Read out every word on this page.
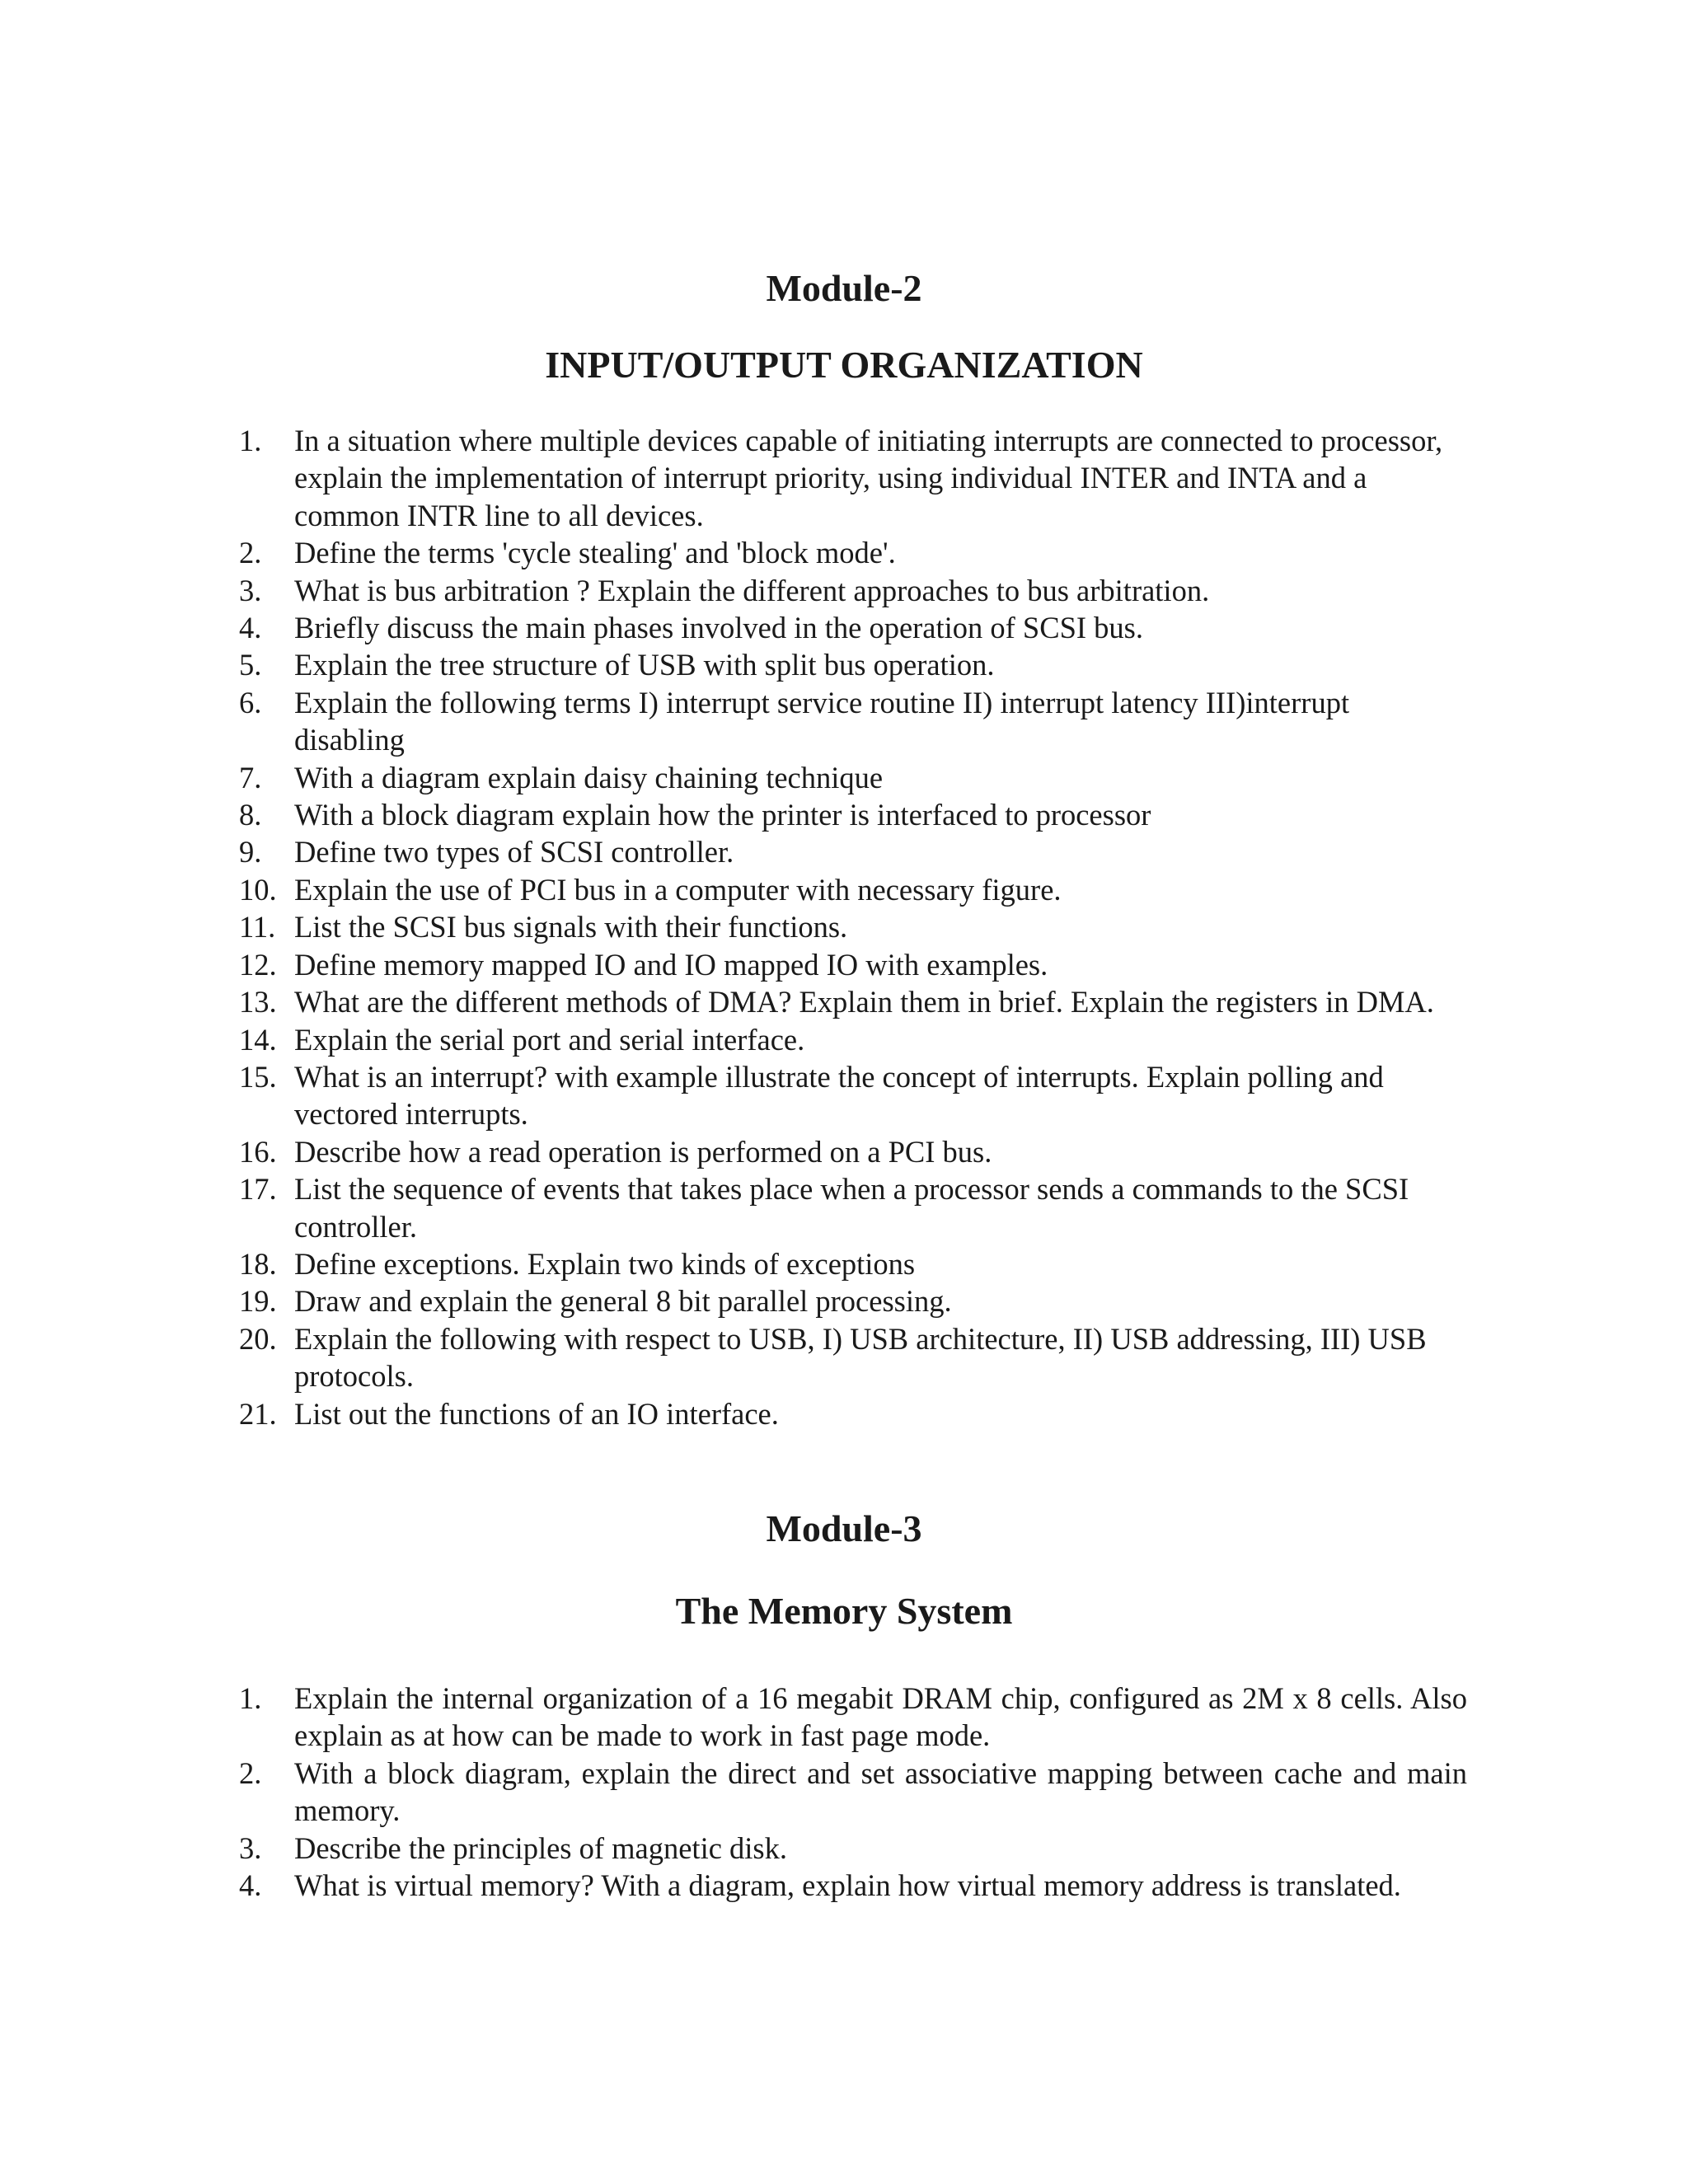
Module-2
INPUT/OUTPUT ORGANIZATION
1.	In a situation where multiple devices capable of initiating interrupts are connected to processor, explain the implementation of interrupt priority, using individual INTER and INTA and a common INTR line to all devices.
2.	Define the terms 'cycle stealing' and 'block mode'.
3.	What is bus arbitration ? Explain the different approaches to bus arbitration.
4.	Briefly discuss the main phases involved in the operation of SCSI bus.
5.	Explain the tree structure of USB with split bus operation.
6.	Explain the following terms I) interrupt service routine II) interrupt latency III)interrupt disabling
7.	With a diagram explain daisy chaining technique
8.	With a block diagram explain how the printer is interfaced to processor
9.	Define two types of SCSI controller.
10. Explain the use of PCI bus in a computer with necessary figure.
11. List the SCSI bus signals with their functions.
12. Define memory mapped IO and IO mapped IO with examples.
13. What are the different methods of DMA? Explain them in brief. Explain the registers in DMA.
14. Explain the serial port and serial interface.
15. What is an interrupt? with example illustrate the concept of interrupts. Explain polling and vectored interrupts.
16. Describe how a read operation is performed on a PCI bus.
17. List the sequence of events that takes place when a processor sends a commands to the SCSI controller.
18. Define exceptions. Explain two kinds of exceptions
19. Draw and explain the general 8 bit parallel processing.
20. Explain the following with respect to USB, I) USB architecture, II) USB addressing, III) USB protocols.
21. List out the functions of an IO interface.
Module-3
The Memory System
1.	Explain the internal organization of a 16 megabit DRAM chip, configured as 2M x 8 cells. Also explain as at how can be made to work in fast page mode.
2.	With a block diagram, explain the direct and set associative mapping between cache and main memory.
3.	Describe the principles of magnetic disk.
4.	What is virtual memory? With a diagram, explain how virtual memory address is translated.
